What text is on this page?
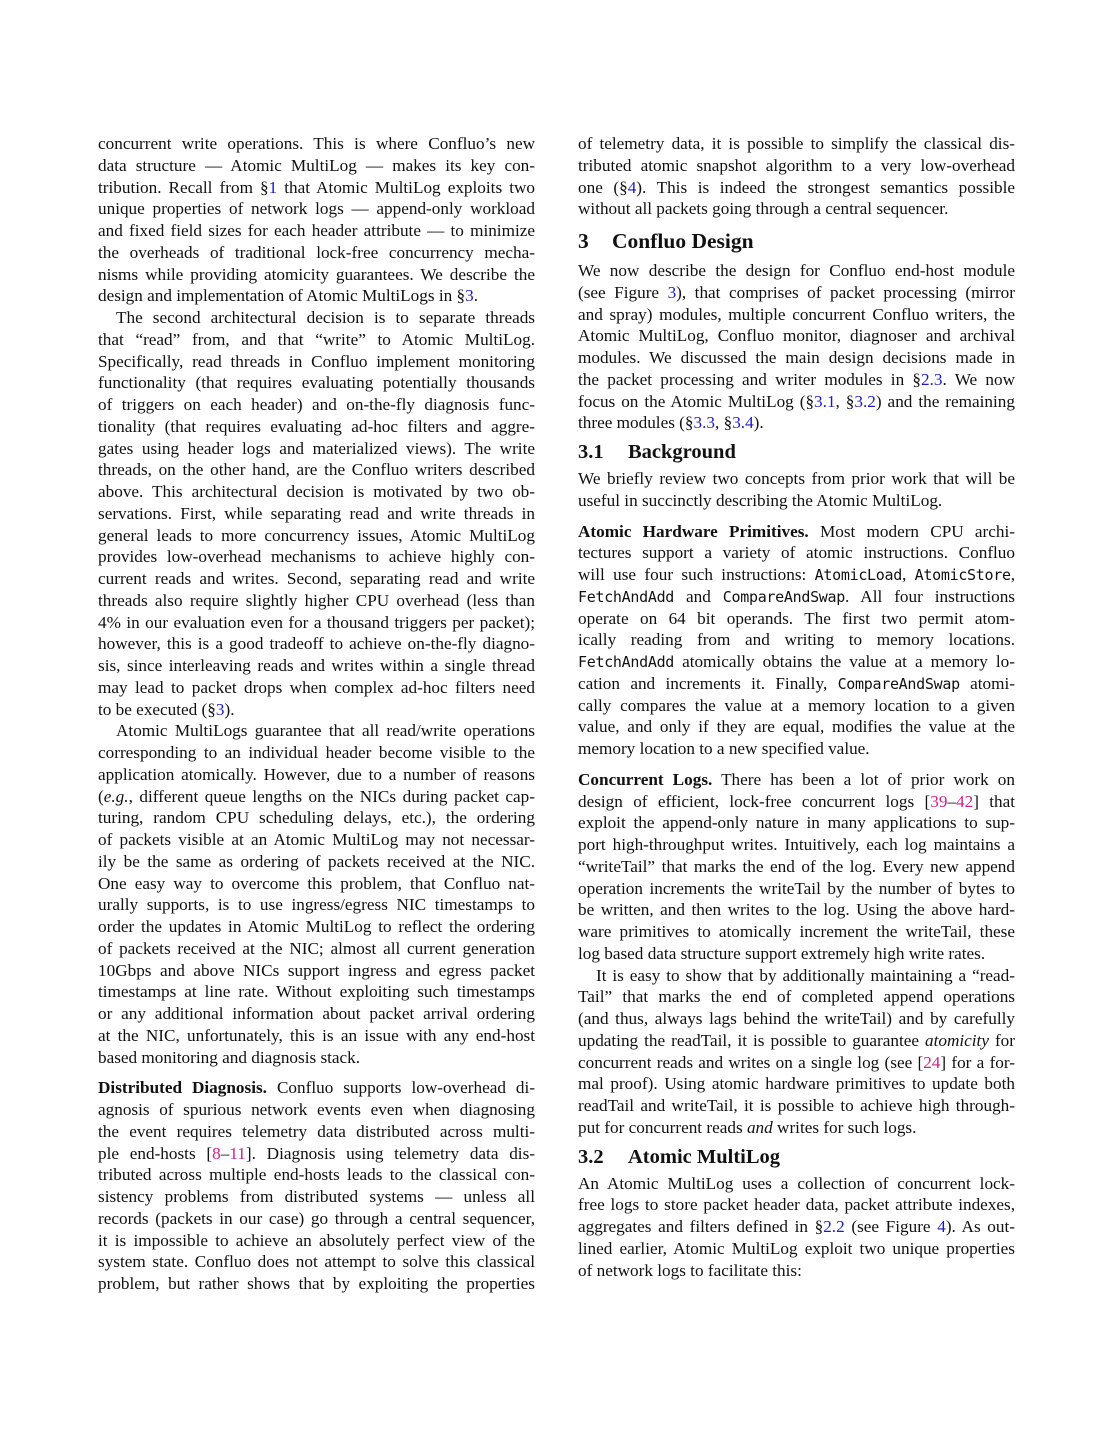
concurrent write operations. This is where Confluo’s new
data structure — Atomic MultiLog — makes its key con-
tribution. Recall from §1 that Atomic MultiLog exploits two
unique properties of network logs — append-only workload
and fixed field sizes for each header attribute — to minimize
the overheads of traditional lock-free concurrency mecha-
nisms while providing atomicity guarantees. We describe the
design and implementation of Atomic MultiLogs in §3.
The second architectural decision is to separate threads
that “read” from, and that “write” to Atomic MultiLog.
Specifically, read threads in Confluo implement monitoring
functionality (that requires evaluating potentially thousands
of triggers on each header) and on-the-fly diagnosis func-
tionality (that requires evaluating ad-hoc filters and aggre-
gates using header logs and materialized views). The write
threads, on the other hand, are the Confluo writers described
above. This architectural decision is motivated by two ob-
servations. First, while separating read and write threads in
general leads to more concurrency issues, Atomic MultiLog
provides low-overhead mechanisms to achieve highly con-
current reads and writes. Second, separating read and write
threads also require slightly higher CPU overhead (less than
4% in our evaluation even for a thousand triggers per packet);
however, this is a good tradeoff to achieve on-the-fly diagno-
sis, since interleaving reads and writes within a single thread
may lead to packet drops when complex ad-hoc filters need
to be executed (§3).
Atomic MultiLogs guarantee that all read/write operations
corresponding to an individual header become visible to the
application atomically. However, due to a number of reasons
(e.g., different queue lengths on the NICs during packet cap-
turing, random CPU scheduling delays, etc.), the ordering
of packets visible at an Atomic MultiLog may not necessar-
ily be the same as ordering of packets received at the NIC.
One easy way to overcome this problem, that Confluo nat-
urally supports, is to use ingress/egress NIC timestamps to
order the updates in Atomic MultiLog to reflect the ordering
of packets received at the NIC; almost all current generation
10Gbps and above NICs support ingress and egress packet
timestamps at line rate. Without exploiting such timestamps
or any additional information about packet arrival ordering
at the NIC, unfortunately, this is an issue with any end-host
based monitoring and diagnosis stack.
Distributed Diagnosis. Confluo supports low-overhead di-
agnosis of spurious network events even when diagnosing
the event requires telemetry data distributed across multi-
ple end-hosts [8–11]. Diagnosis using telemetry data dis-
tributed across multiple end-hosts leads to the classical con-
sistency problems from distributed systems — unless all
records (packets in our case) go through a central sequencer,
it is impossible to achieve an absolutely perfect view of the
system state. Confluo does not attempt to solve this classical
problem, but rather shows that by exploiting the properties
of telemetry data, it is possible to simplify the classical dis-
tributed atomic snapshot algorithm to a very low-overhead
one (§4). This is indeed the strongest semantics possible
without all packets going through a central sequencer.
3 Confluo Design
We now describe the design for Confluo end-host module
(see Figure 3), that comprises of packet processing (mirror
and spray) modules, multiple concurrent Confluo writers, the
Atomic MultiLog, Confluo monitor, diagnoser and archival
modules. We discussed the main design decisions made in
the packet processing and writer modules in §2.3. We now
focus on the Atomic MultiLog (§3.1, §3.2) and the remaining
three modules (§3.3, §3.4).
3.1 Background
We briefly review two concepts from prior work that will be
useful in succinctly describing the Atomic MultiLog.
Atomic Hardware Primitives. Most modern CPU archi-
tectures support a variety of atomic instructions. Confluo
will use four such instructions: AtomicLoad, AtomicStore,
FetchAndAdd and CompareAndSwap. All four instructions
operate on 64 bit operands. The first two permit atom-
ically reading from and writing to memory locations.
FetchAndAdd atomically obtains the value at a memory lo-
cation and increments it. Finally, CompareAndSwap atomi-
cally compares the value at a memory location to a given
value, and only if they are equal, modifies the value at the
memory location to a new specified value.
Concurrent Logs. There has been a lot of prior work on
design of efficient, lock-free concurrent logs [39–42] that
exploit the append-only nature in many applications to sup-
port high-throughput writes. Intuitively, each log maintains a
“writeTail” that marks the end of the log. Every new append
operation increments the writeTail by the number of bytes to
be written, and then writes to the log. Using the above hard-
ware primitives to atomically increment the writeTail, these
log based data structure support extremely high write rates.
It is easy to show that by additionally maintaining a “read-
Tail” that marks the end of completed append operations
(and thus, always lags behind the writeTail) and by carefully
updating the readTail, it is possible to guarantee atomicity for
concurrent reads and writes on a single log (see [24] for a for-
mal proof). Using atomic hardware primitives to update both
readTail and writeTail, it is possible to achieve high through-
put for concurrent reads and writes for such logs.
3.2 Atomic MultiLog
An Atomic MultiLog uses a collection of concurrent lock-
free logs to store packet header data, packet attribute indexes,
aggregates and filters defined in §2.2 (see Figure 4). As out-
lined earlier, Atomic MultiLog exploit two unique properties
of network logs to facilitate this:
